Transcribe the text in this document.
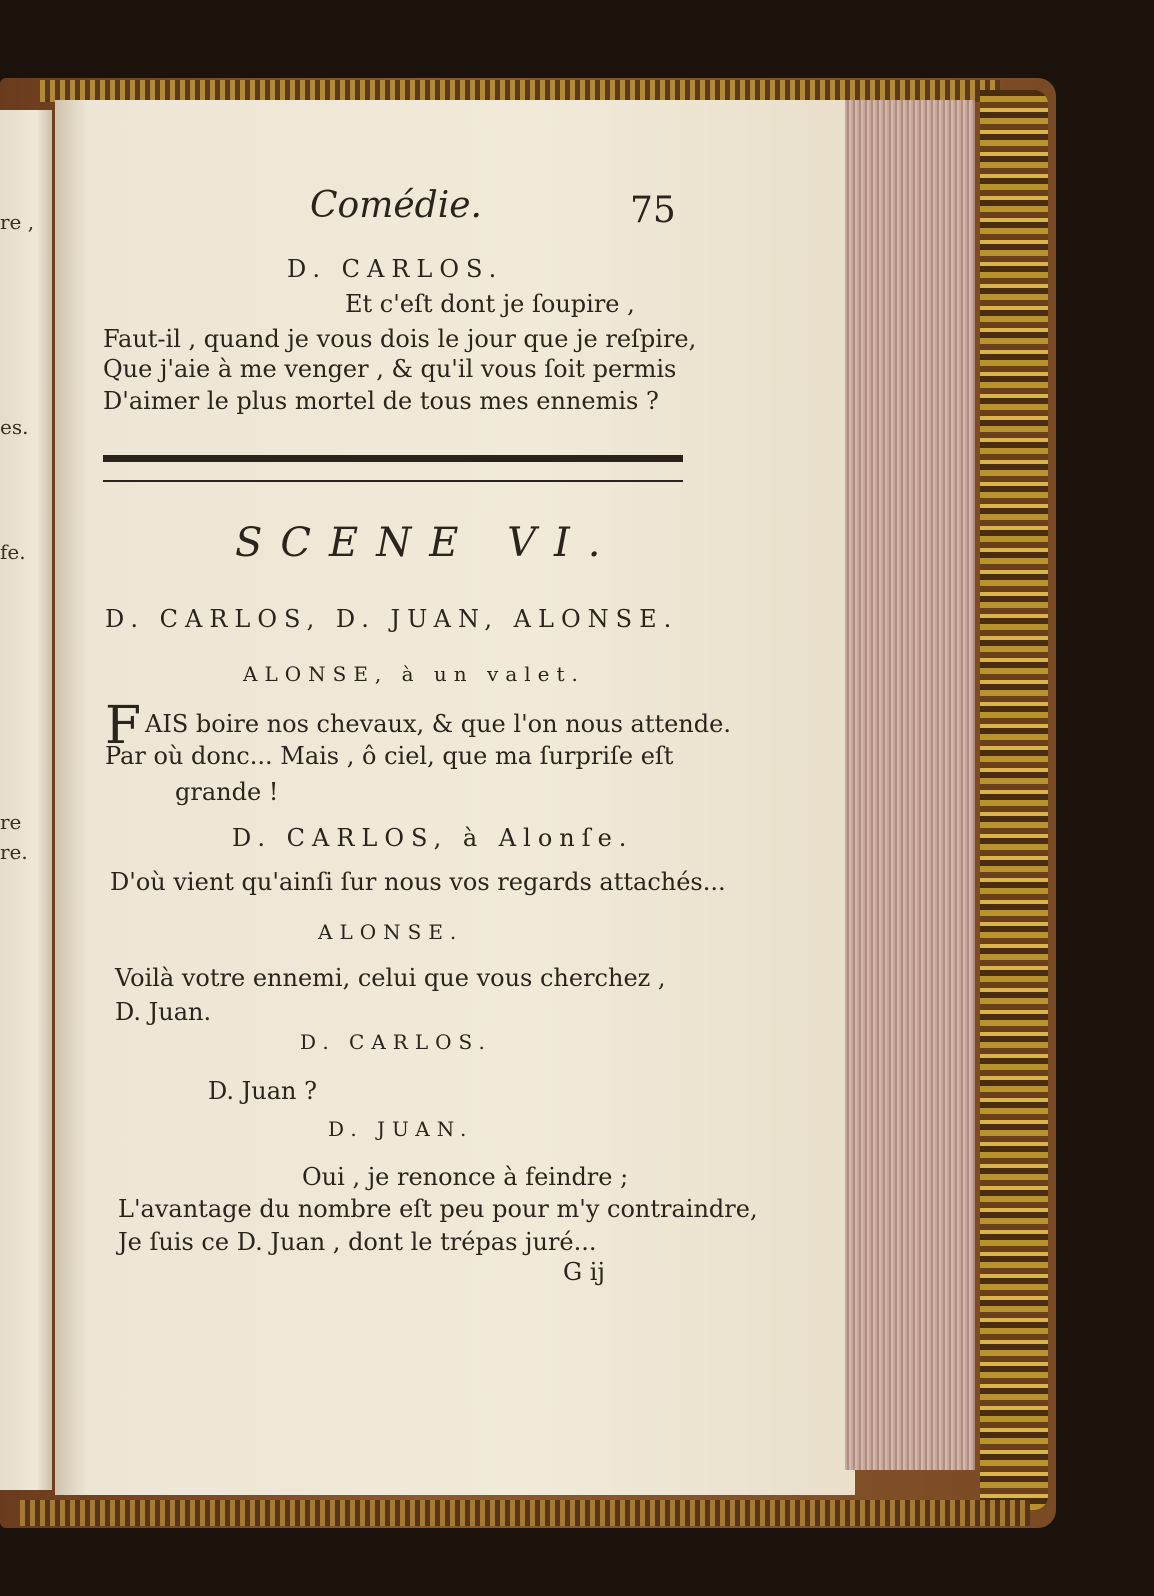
re ,
es.
fe.
re
re.
Comédie.	75
D. CARLOS.
Et c'eſt dont je ſoupire ,
Faut-il , quand je vous dois le jour que je reſpire,
Que j'aie à me venger , & qu'il vous ſoit permis
D'aimer le plus mortel de tous mes ennemis ?
SCENE VI.
D. CARLOS, D. JUAN, ALONSE.
ALONSE, à un valet.
F AIS boire nos chevaux, & que l'on nous attende.
Par où donc... Mais , ô ciel, que ma ſurpriſe eſt
grande !
D. CARLOS, à Alonſe.
D'où vient qu'ainſi ſur nous vos regards attachés...
ALONSE.
Voilà votre ennemi, celui que vous cherchez ,
D. Juan.
D. CARLOS.
D. Juan ?
D. JUAN.
Oui , je renonce à feindre ;
L'avantage du nombre eſt peu pour m'y contraindre,
Je ſuis ce D. Juan , dont le trépas juré...
G ij
